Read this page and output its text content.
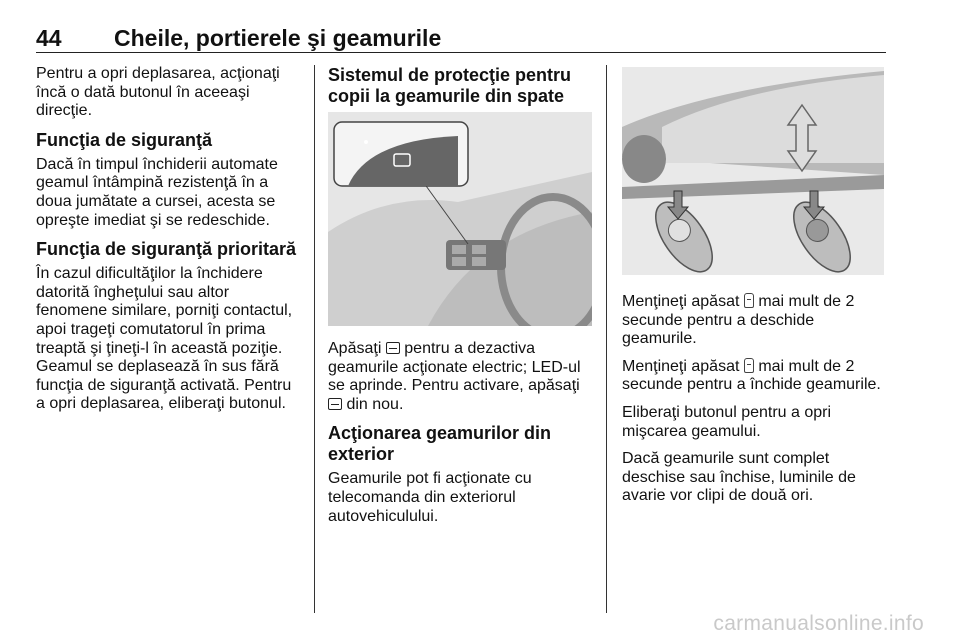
44 Cheile, portierele şi geamurile

Pentru a opri deplasarea, acţionaţi încă o dată butonul în aceeaşi direcţie.

Funcţia de siguranţă

Dacă în timpul închiderii automate geamul întâmpină rezistenţă în a doua jumătate a cursei, acesta se opreşte imediat şi se redeschide.

Funcţia de siguranţă prioritară

În cazul dificultăţilor la închidere datorită îngheţului sau altor fenomene similare, porniţi contactul, apoi trageţi comutatorul în prima treaptă şi ţineţi-l în această poziţie. Geamul se deplasează în sus fără funcţia de siguranţă activată. Pentru a opri deplasarea, eliberaţi butonul.

Sistemul de protecţie pentru copii la geamurile din spate

Apăsaţi pentru a dezactiva geamurile acţionate electric; LED-ul se aprinde. Pentru activare, apăsaţi  din nou.

Acţionarea geamurilor din exterior

Geamurile pot fi acţionate cu telecomanda din exteriorul autovehiculului.

Menţineţi apăsat mai mult de 2 secunde pentru a deschide geamurile.

Menţineţi apăsat mai mult de 2 secunde pentru a închide geamurile.

Eliberaţi butonul pentru a opri mişcarea geamului.

Dacă geamurile sunt complet deschise sau închise, luminile de avarie vor clipi de două ori.

carmanualsonline.info
